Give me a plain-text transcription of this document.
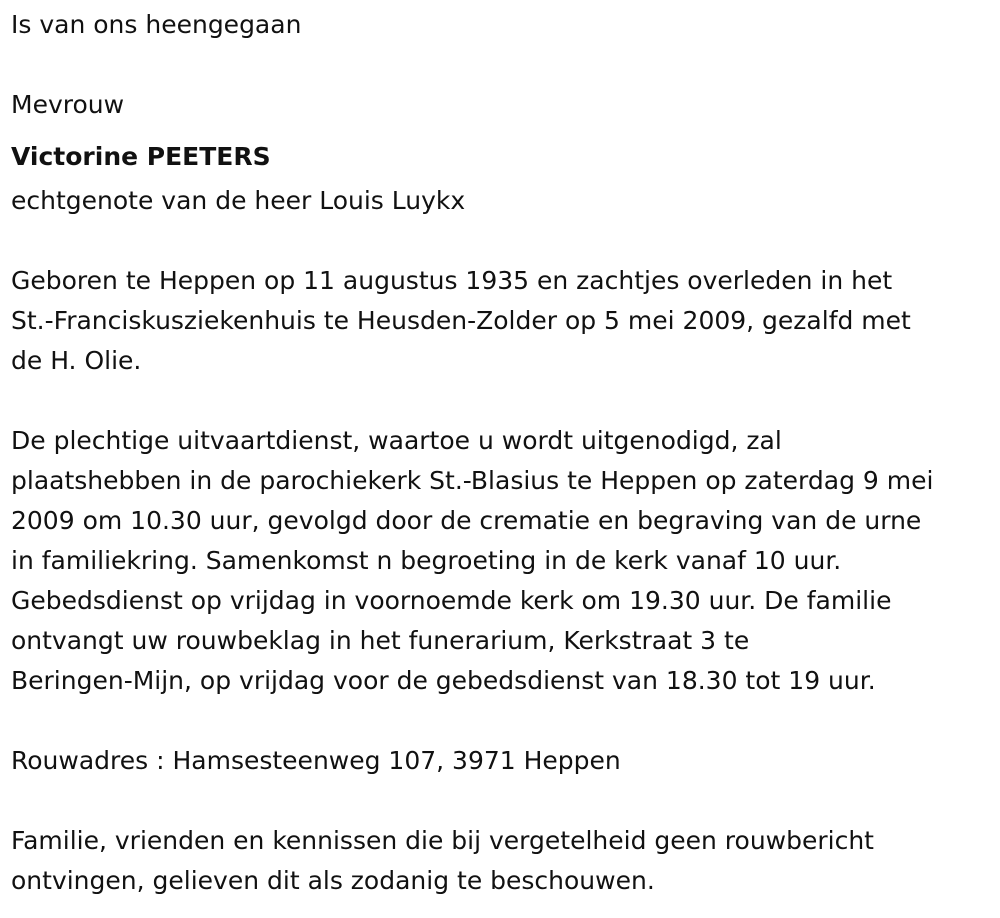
Is van ons heengegaan

Mevrouw

Victorine PEETERS

echtgenote van de heer Louis Luykx

Geboren te Heppen op 11 augustus 1935 en zachtjes overleden in het

St.-Franciskusziekenhuis te Heusden-Zolder op 5 mei 2009, gezalfd met

de H. Olie.

De plechtige uitvaartdienst, waartoe u wordt uitgenodigd, zal

plaatshebben in de parochiekerk St.-Blasius te Heppen op zaterdag 9 mei

2009 om 10.30 uur, gevolgd door de crematie en begraving van de urne

in familiekring. Samenkomst n begroeting in de kerk vanaf 10 uur.

Gebedsdienst op vrijdag in voornoemde kerk om 19.30 uur. De familie

ontvangt uw rouwbeklag in het funerarium, Kerkstraat 3 te

Beringen-Mijn, op vrijdag voor de gebedsdienst van 18.30 tot 19 uur.

Rouwadres : Hamsesteenweg 107, 3971 Heppen

Familie, vrienden en kennissen die bij vergetelheid geen rouwbericht

ontvingen, gelieven dit als zodanig te beschouwen.
